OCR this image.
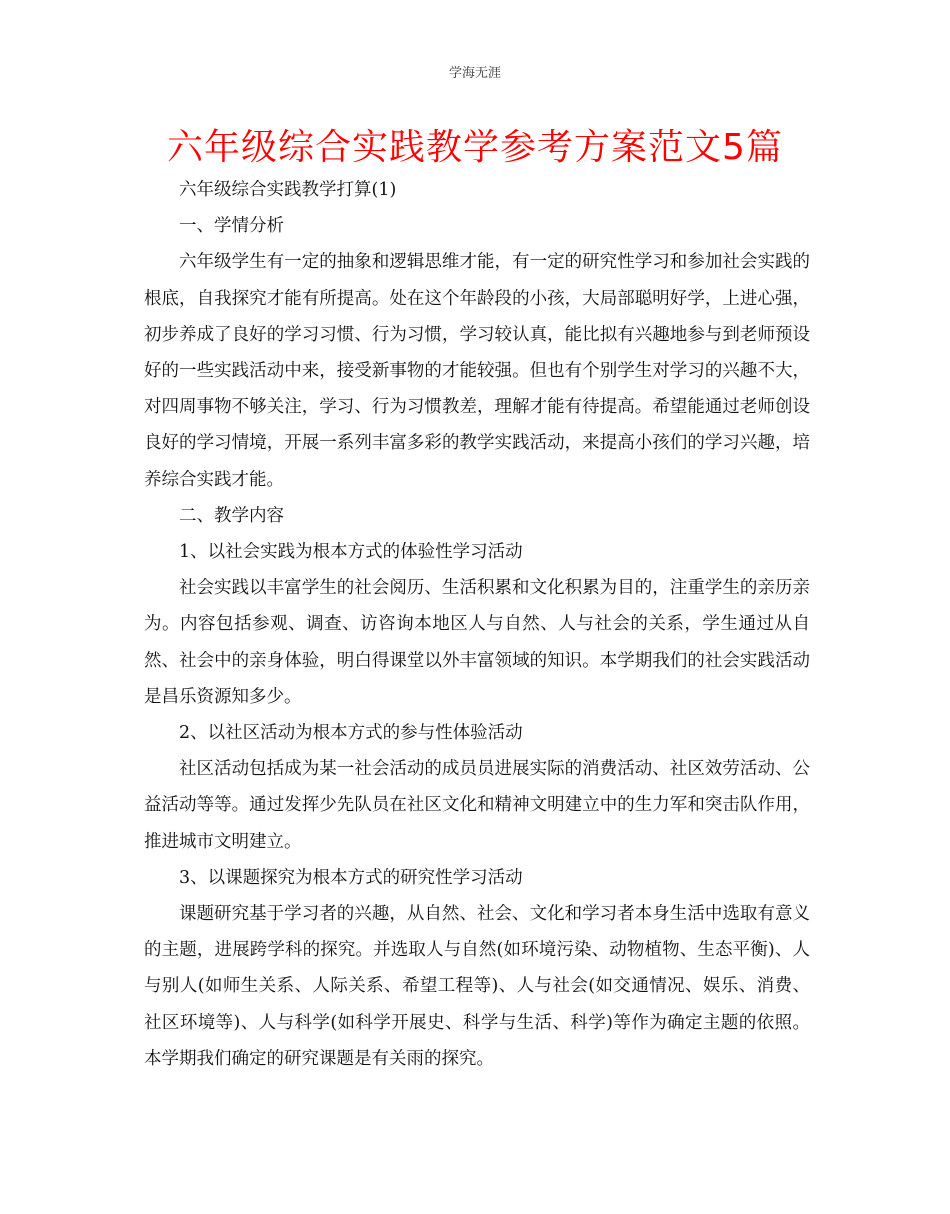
学海无涯
六年级综合实践教学参考方案范文5篇

六年级综合实践教学打算(1)

一、学情分析

六年级学生有一定的抽象和逻辑思维才能，有一定的研究性学习和参加社会实践的根底，自我探究才能有所提高。处在这个年龄段的小孩，大局部聪明好学，上进心强，初步养成了良好的学习习惯、行为习惯，学习较认真，能比拟有兴趣地参与到老师预设好的一些实践活动中来，接受新事物的才能较强。但也有个别学生对学习的兴趣不大，对四周事物不够关注，学习、行为习惯教差，理解才能有待提高。希望能通过老师创设良好的学习情境，开展一系列丰富多彩的教学实践活动，来提高小孩们的学习兴趣，培养综合实践才能。

二、教学内容

1、以社会实践为根本方式的体验性学习活动

社会实践以丰富学生的社会阅历、生活积累和文化积累为目的，注重学生的亲历亲为。内容包括参观、调查、访咨询本地区人与自然、人与社会的关系，学生通过从自然、社会中的亲身体验，明白得课堂以外丰富领域的知识。本学期我们的社会实践活动是昌乐资源知多少。

2、以社区活动为根本方式的参与性体验活动

社区活动包括成为某一社会活动的成员员进展实际的消费活动、社区效劳活动、公益活动等等。通过发挥少先队员在社区文化和精神文明建立中的生力军和突击队作用，推进城市文明建立。

3、以课题探究为根本方式的研究性学习活动

课题研究基于学习者的兴趣，从自然、社会、文化和学习者本身生活中选取有意义的主题，进展跨学科的探究。并选取人与自然(如环境污染、动物植物、生态平衡)、人与别人(如师生关系、人际关系、希望工程等)、人与社会(如交通情况、娱乐、消费、社区环境等)、人与科学(如科学开展史、科学与生活、科学)等作为确定主题的依照。本学期我们确定的研究课题是有关雨的探究。
